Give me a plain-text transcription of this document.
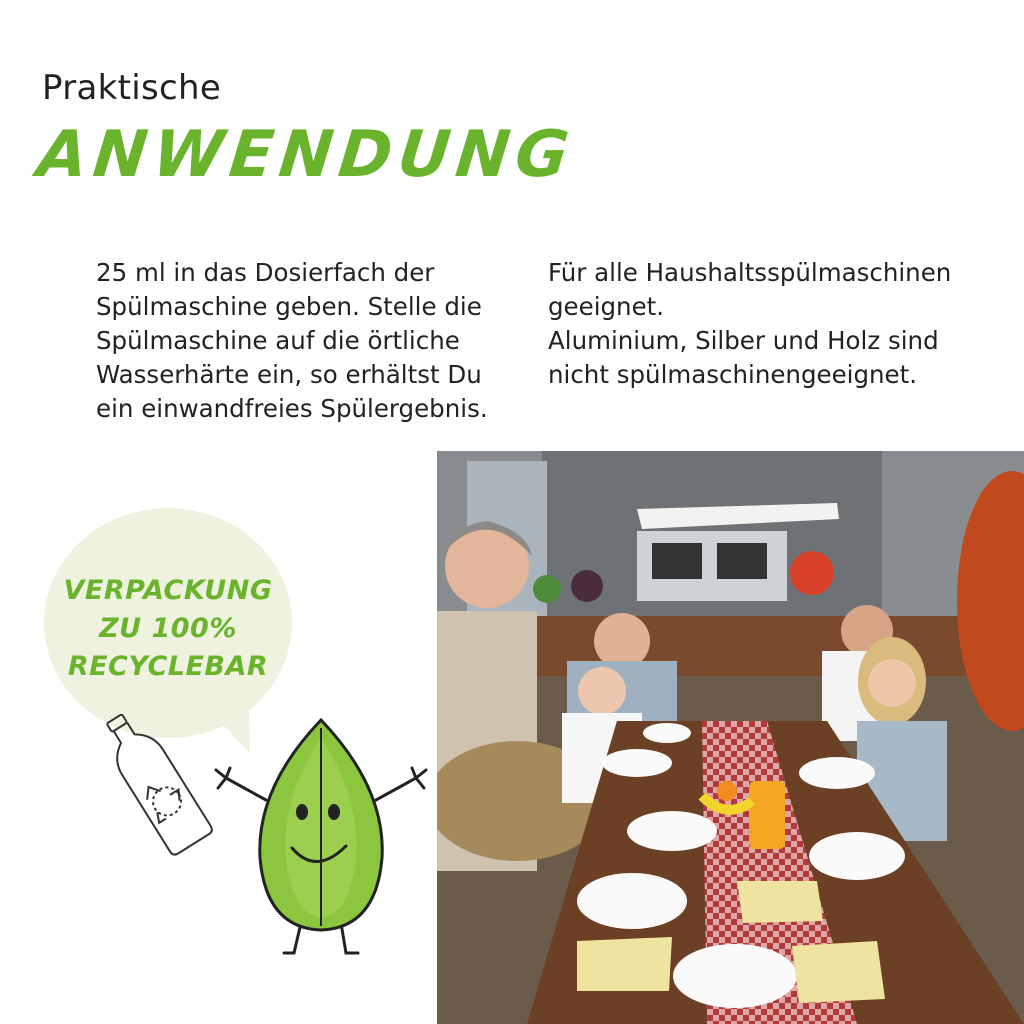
Praktische
ANWENDUNG

25 ml in das Dosierfach der

Spülmaschine geben. Stelle die

Spülmaschine auf die örtliche

Wasserhärte ein, so erhältst Du

ein einwandfreies Spülergebnis.

Für alle Haushaltsspülmaschinen

geeignet.

Aluminium, Silber und Holz sind

nicht spülmaschinengeeignet.

VERPACKUNG
ZU 100%
RECYCLEBAR
